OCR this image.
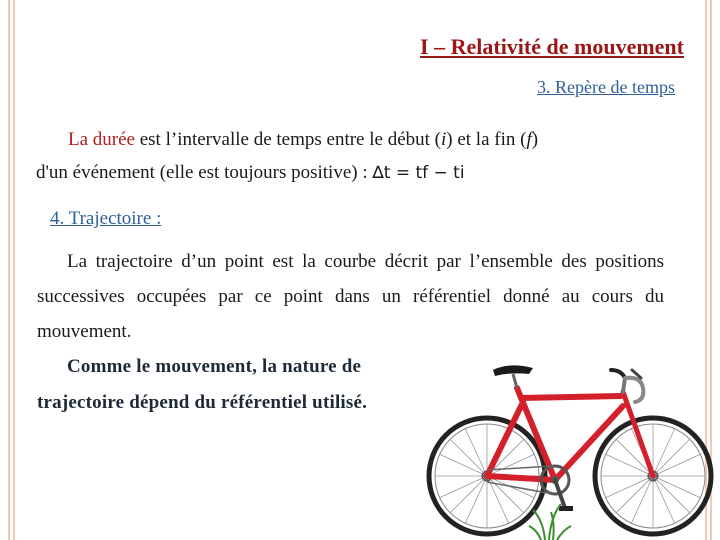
I – Relativité de mouvement
3. Repère de temps
La durée est l’intervalle de temps entre le début (i) et la fin (f)
d'un événement (elle est toujours positive) : ∆t = tf − ti
4. Trajectoire :
La trajectoire d’un point est la courbe décrit par l’ensemble des positions successives occupées par ce point dans un référentiel donné au cours du mouvement.
Comme le mouvement, la nature de
trajectoire dépend du référentiel utilisé.
